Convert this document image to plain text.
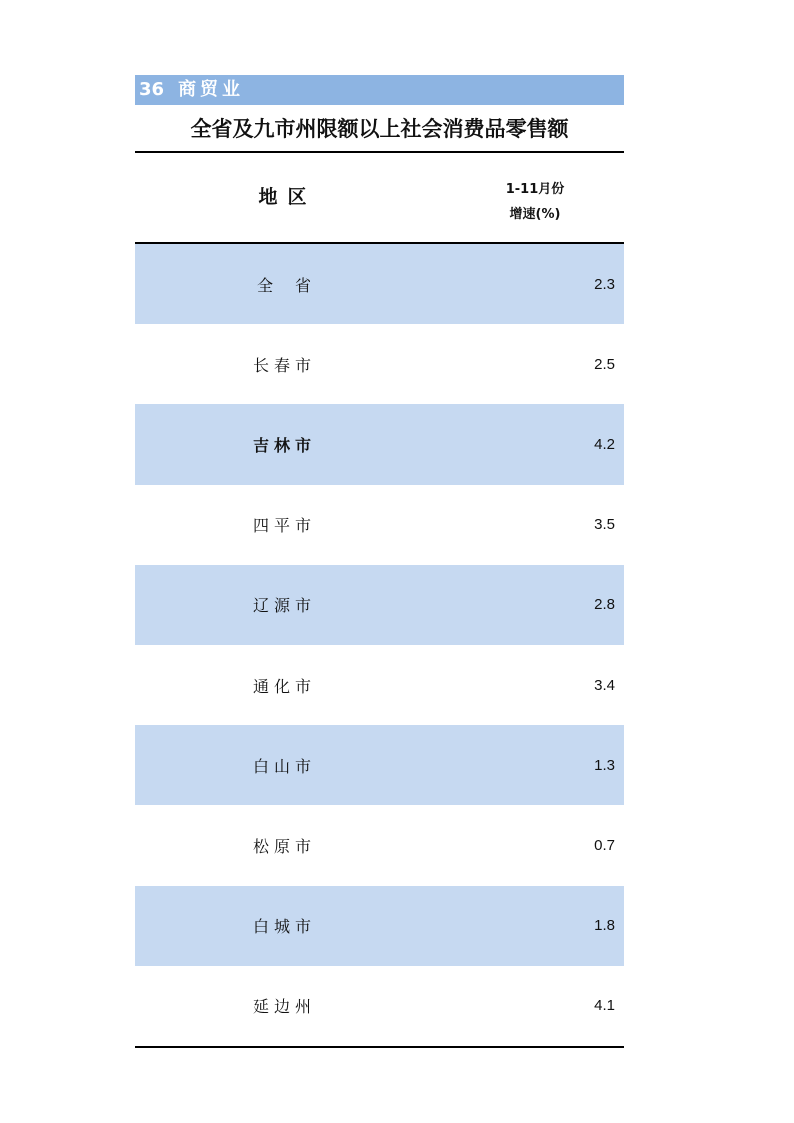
36 商贸业
全省及九市州限额以上社会消费品零售额
地区	1-11月份
增速(%)
全省	2.3
长春市	2.5
吉林市	4.2
四平市	3.5
辽源市	2.8
通化市	3.4
白山市	1.3
松原市	0.7
白城市	1.8
延边州	4.1
